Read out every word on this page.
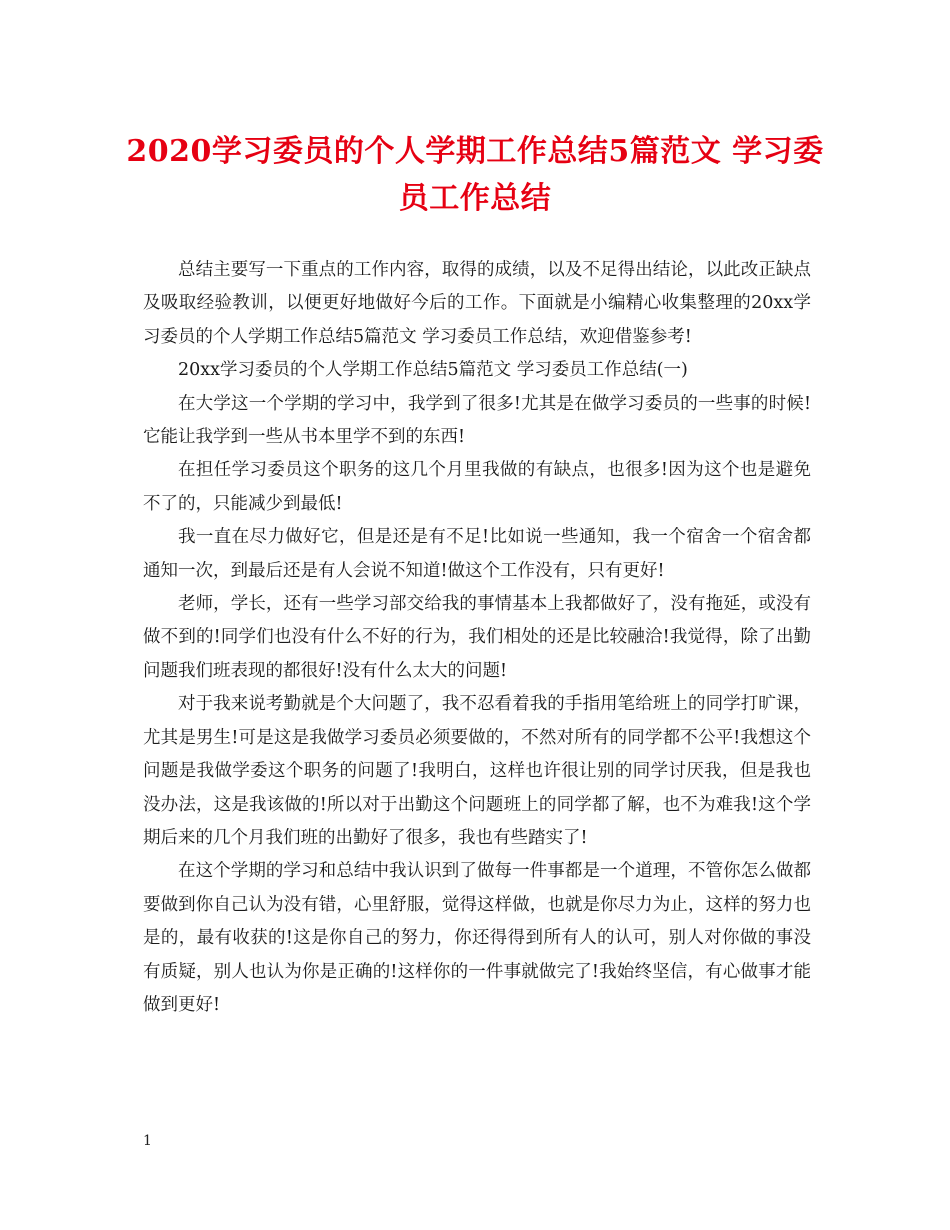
2020学习委员的个人学期工作总结5篇范文 学习委员工作总结

总结主要写一下重点的工作内容，取得的成绩，以及不足得出结论，以此改正缺点及吸取经验教训，以便更好地做好今后的工作。下面就是小编精心收集整理的20xx学习委员的个人学期工作总结5篇范文 学习委员工作总结，欢迎借鉴参考!

20xx学习委员的个人学期工作总结5篇范文 学习委员工作总结(一)

在大学这一个学期的学习中，我学到了很多!尤其是在做学习委员的一些事的时候!它能让我学到一些从书本里学不到的东西!

在担任学习委员这个职务的这几个月里我做的有缺点，也很多!因为这个也是避免不了的，只能减少到最低!

我一直在尽力做好它，但是还是有不足!比如说一些通知，我一个宿舍一个宿舍都通知一次，到最后还是有人会说不知道!做这个工作没有，只有更好!

老师，学长，还有一些学习部交给我的事情基本上我都做好了，没有拖延，或没有做不到的!同学们也没有什么不好的行为，我们相处的还是比较融洽!我觉得，除了出勤问题我们班表现的都很好!没有什么太大的问题!

对于我来说考勤就是个大问题了，我不忍看着我的手指用笔给班上的同学打旷课，尤其是男生!可是这是我做学习委员必须要做的，不然对所有的同学都不公平!我想这个问题是我做学委这个职务的问题了!我明白，这样也许很让别的同学讨厌我，但是我也没办法，这是我该做的!所以对于出勤这个问题班上的同学都了解，也不为难我!这个学期后来的几个月我们班的出勤好了很多，我也有些踏实了!

在这个学期的学习和总结中我认识到了做每一件事都是一个道理，不管你怎么做都要做到你自己认为没有错，心里舒服，觉得这样做，也就是你尽力为止，这样的努力也是的，最有收获的!这是你自己的努力，你还得得到所有人的认可，别人对你做的事没有质疑，别人也认为你是正确的!这样你的一件事就做完了!我始终坚信，有心做事才能做到更好!

1
